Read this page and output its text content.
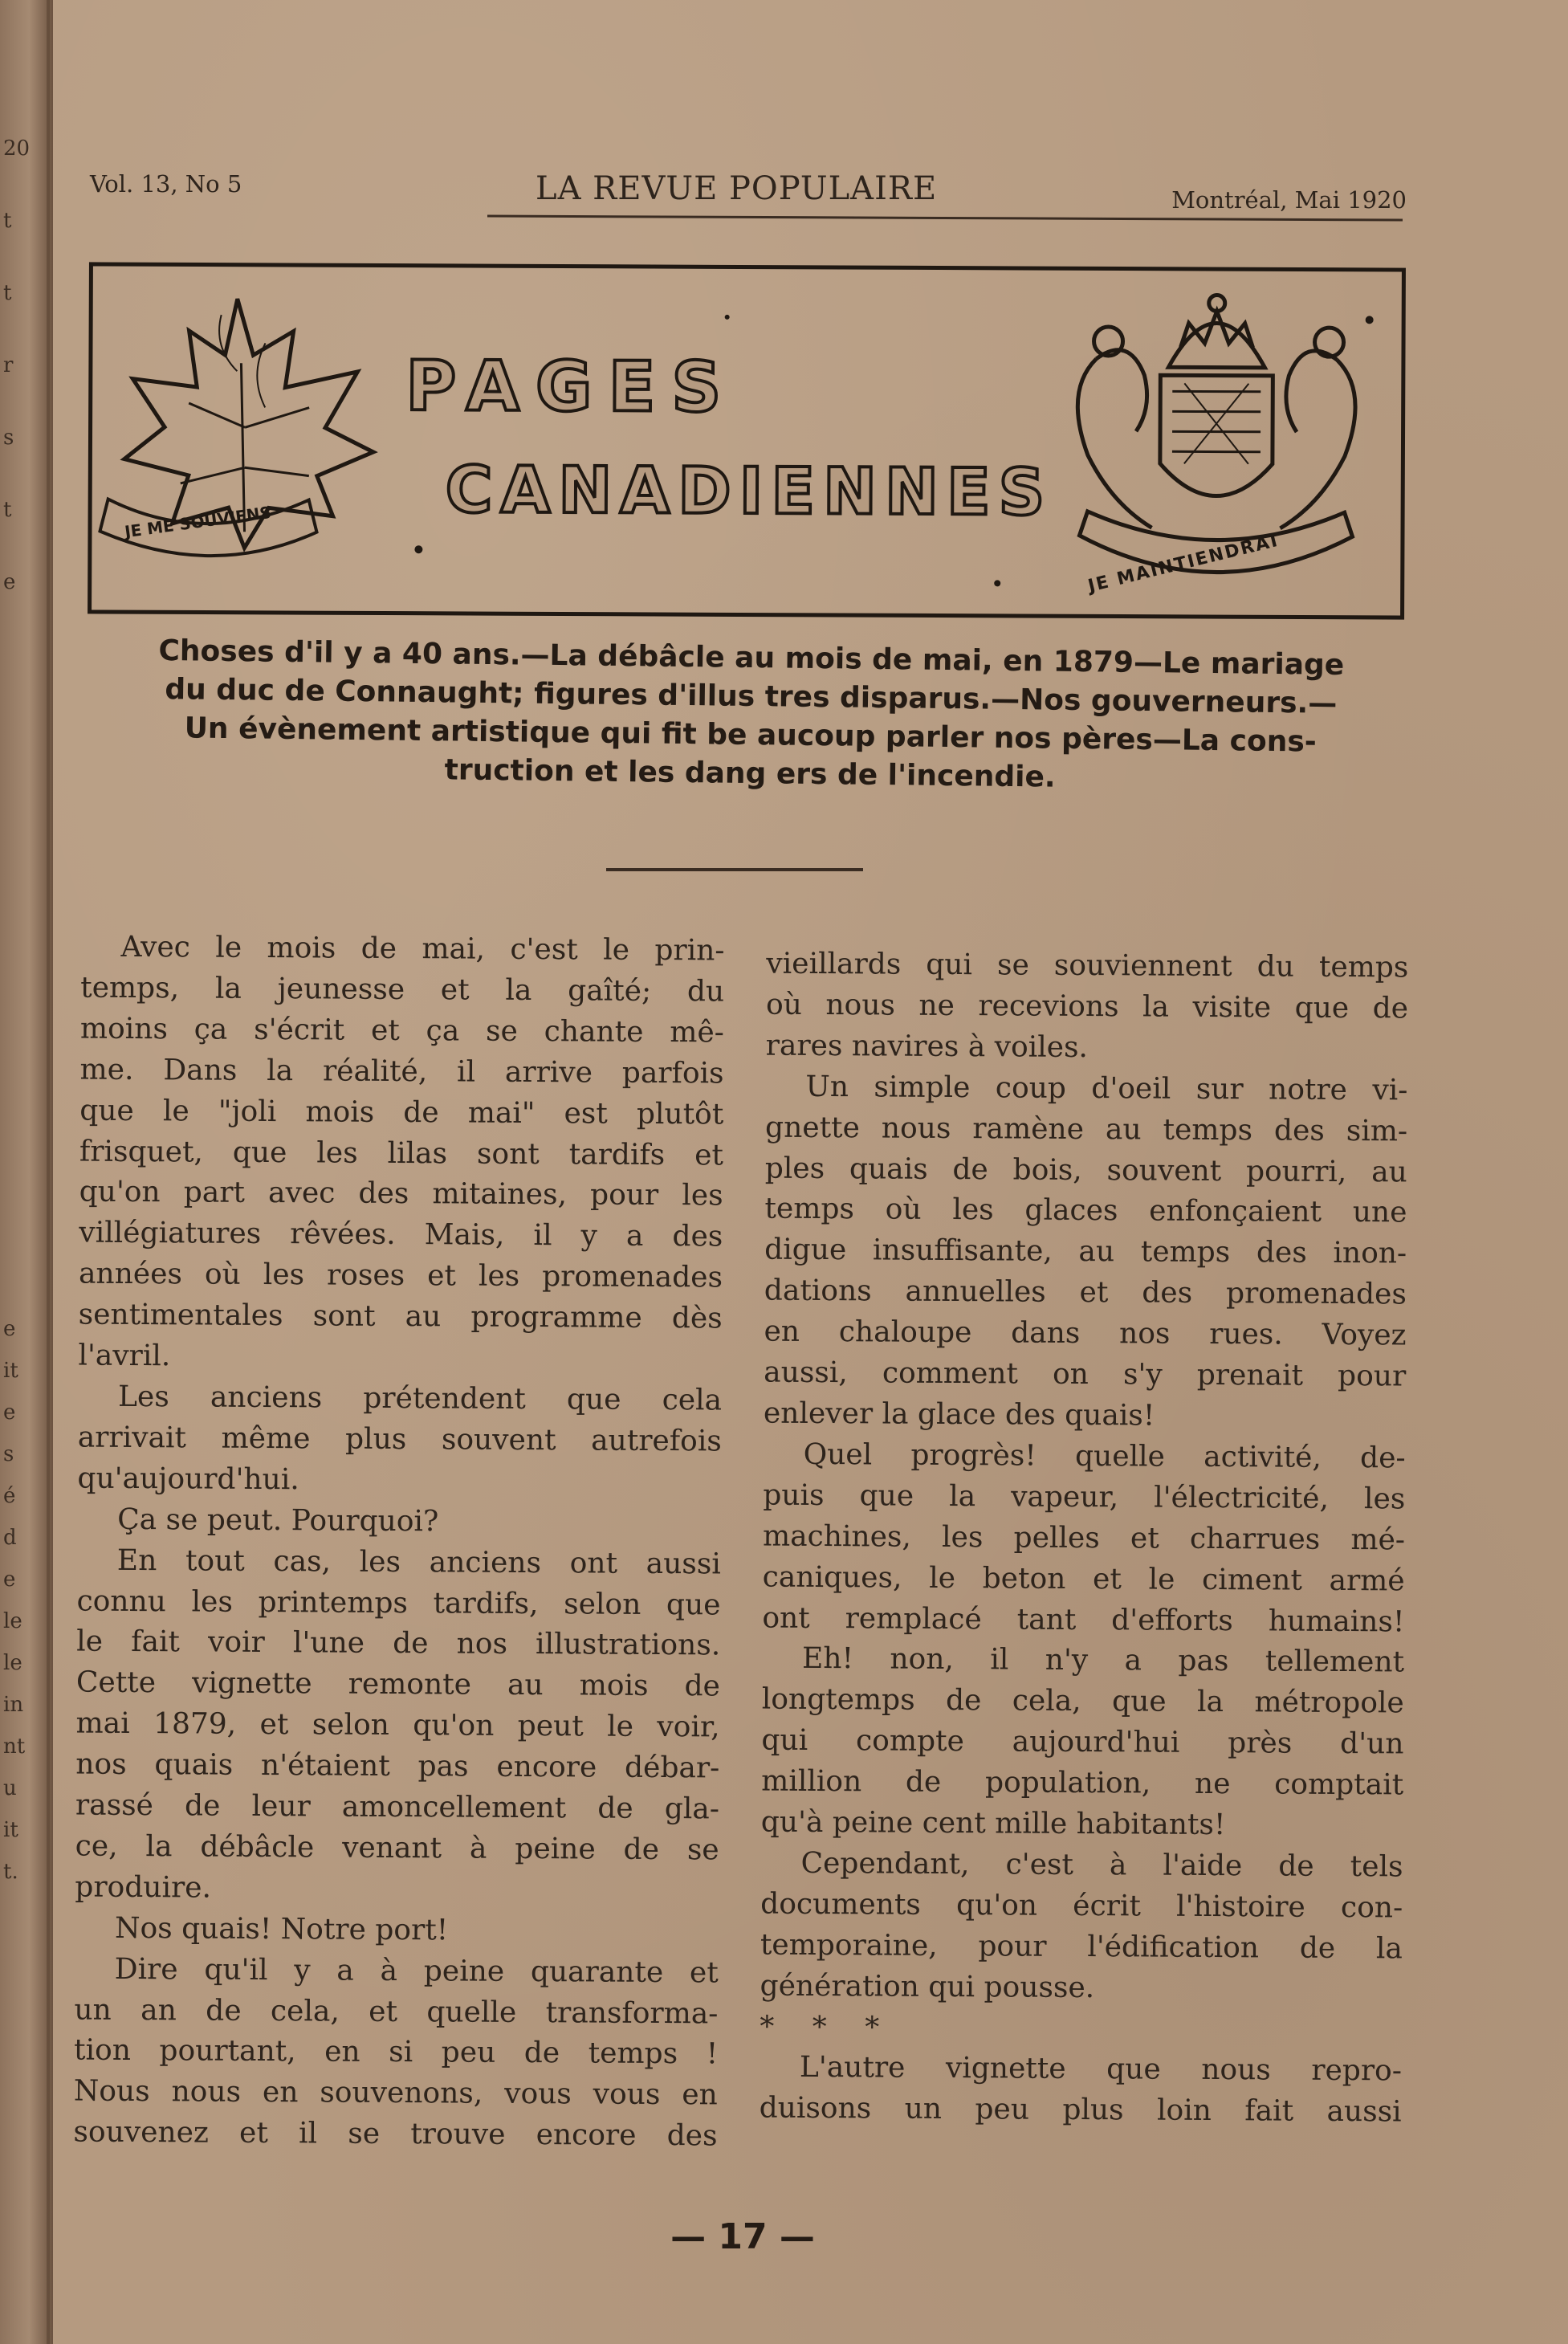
20
t
t
r
s
t
e
e
it
e
s
é
d
e
le
le
in
nt
u
it
t.
Vol. 13, No 5	LA REVUE POPULAIRE	Montréal, Mai 1920
PAGES
CANADIENNES
JE ME SOUVIENS
JE MAINTIENDRAI
Choses d'il y a 40 ans.—La débâcle au mois de mai, en 1879—Le mariage
du duc de Connaught; figures d'illus tres disparus.—Nos gouverneurs.—
Un évènement artistique qui fit be aucoup parler nos pères—La cons-
truction et les dang ers de l'incendie.

Avec le mois de mai, c'est le prin-

temps, la jeunesse et la gaîté; du

moins ça s'écrit et ça se chante mê-

me. Dans la réalité, il arrive parfois

que le "joli mois de mai" est plutôt

frisquet, que les lilas sont tardifs et

qu'on part avec des mitaines, pour les

villégiatures rêvées. Mais, il y a des

années où les roses et les promenades

sentimentales sont au programme dès

l'avril.

Les anciens prétendent que cela

arrivait même plus souvent autrefois

qu'aujourd'hui.

Ça se peut. Pourquoi?

En tout cas, les anciens ont aussi

connu les printemps tardifs, selon que

le fait voir l'une de nos illustrations.

Cette vignette remonte au mois de

mai 1879, et selon qu'on peut le voir,

nos quais n'étaient pas encore débar-

rassé de leur amoncellement de gla-

ce, la débâcle venant à peine de se

produire.

Nos quais! Notre port!

Dire qu'il y a à peine quarante et

un an de cela, et quelle transforma-

tion pourtant, en si peu de temps !

Nous nous en souvenons, vous vous en

souvenez et il se trouve encore des

vieillards qui se souviennent du temps

où nous ne recevions la visite que de

rares navires à voiles.

Un simple coup d'oeil sur notre vi-

gnette nous ramène au temps des sim-

ples quais de bois, souvent pourri, au

temps où les glaces enfonçaient une

digue insuffisante, au temps des inon-

dations annuelles et des promenades

en chaloupe dans nos rues. Voyez

aussi, comment on s'y prenait pour

enlever la glace des quais!

Quel progrès! quelle activité, de-

puis que la vapeur, l'électricité, les

machines, les pelles et charrues mé-

caniques, le beton et le ciment armé

ont remplacé tant d'efforts humains!

Eh! non, il n'y a pas tellement

longtemps de cela, que la métropole

qui compte aujourd'hui près d'un

million de population, ne comptait

qu'à peine cent mille habitants!

Cependant, c'est à l'aide de tels

documents qu'on écrit l'histoire con-

temporaine, pour l'édification de la

génération qui pousse.

* * *

L'autre vignette que nous repro-

duisons un peu plus loin fait aussi

— 17 —
